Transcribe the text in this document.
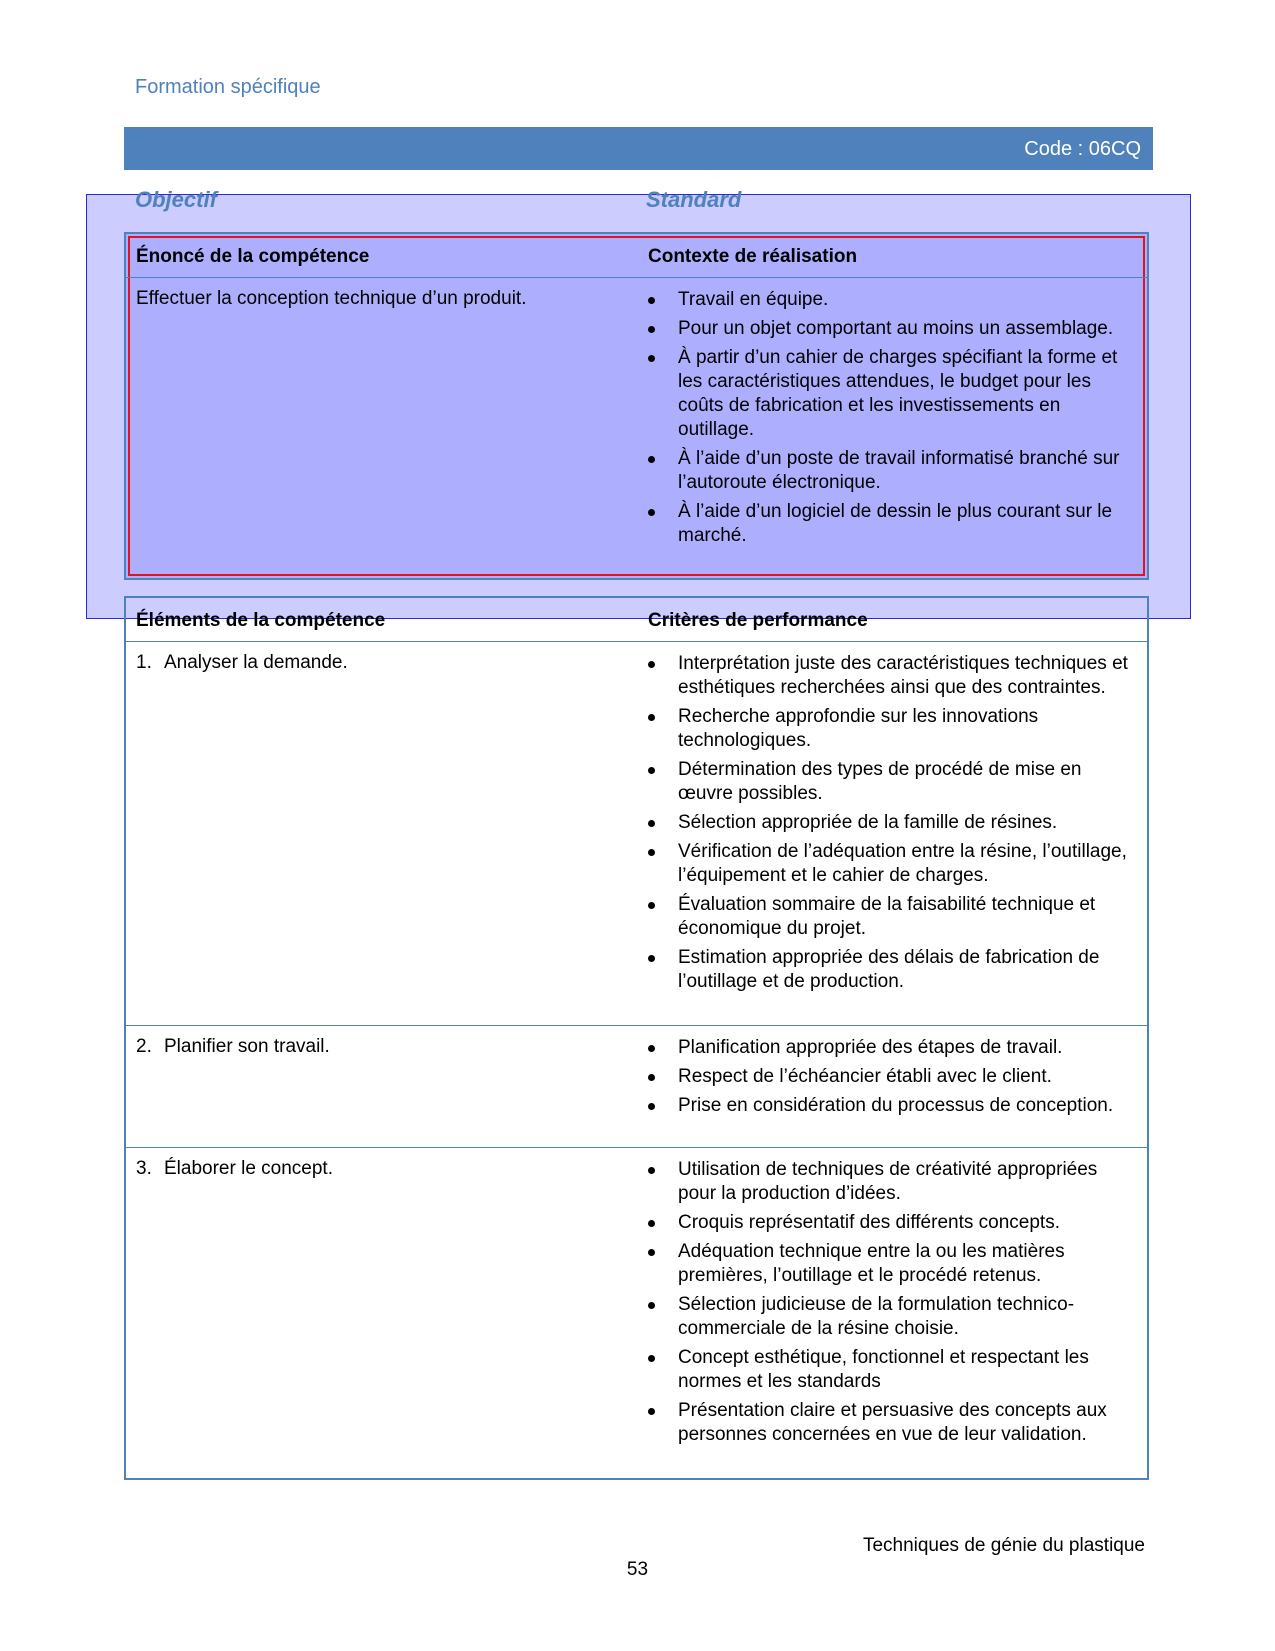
Formation spécifique
Code : 06CQ
Objectif	Standard
Énoncé de la compétence	Contexte de réalisation
Effectuer la conception technique d’un produit.	Travail en équipe.
Pour un objet comportant au moins un assemblage.
À partir d’un cahier de charges spécifiant la forme et les caractéristiques attendues, le budget pour les coûts de fabrication et les investissements en outillage.
À l’aide d’un poste de travail informatisé branché sur l’autoroute électronique.
À l’aide d’un logiciel de dessin le plus courant sur le marché.
Éléments de la compétence	Critères de performance
1. Analyser la demande.	Interprétation juste des caractéristiques techniques et esthétiques recherchées ainsi que des contraintes.
Recherche approfondie sur les innovations technologiques.
Détermination des types de procédé de mise en œuvre possibles.
Sélection appropriée de la famille de résines.
Vérification de l’adéquation entre la résine, l’outillage, l’équipement et le cahier de charges.
Évaluation sommaire de la faisabilité technique et économique du projet.
Estimation appropriée des délais de fabrication de l’outillage et de production.
2. Planifier son travail.	Planification appropriée des étapes de travail.
Respect de l’échéancier établi avec le client.
Prise en considération du processus de conception.
3. Élaborer le concept.	Utilisation de techniques de créativité appropriées pour la production d’idées.
Croquis représentatif des différents concepts.
Adéquation technique entre la ou les matières premières, l’outillage et le procédé retenus.
Sélection judicieuse de la formulation technico-commerciale de la résine choisie.
Concept esthétique, fonctionnel et respectant les normes et les standards
Présentation claire et persuasive des concepts aux personnes concernées en vue de leur validation.
Techniques de génie du plastique
53
